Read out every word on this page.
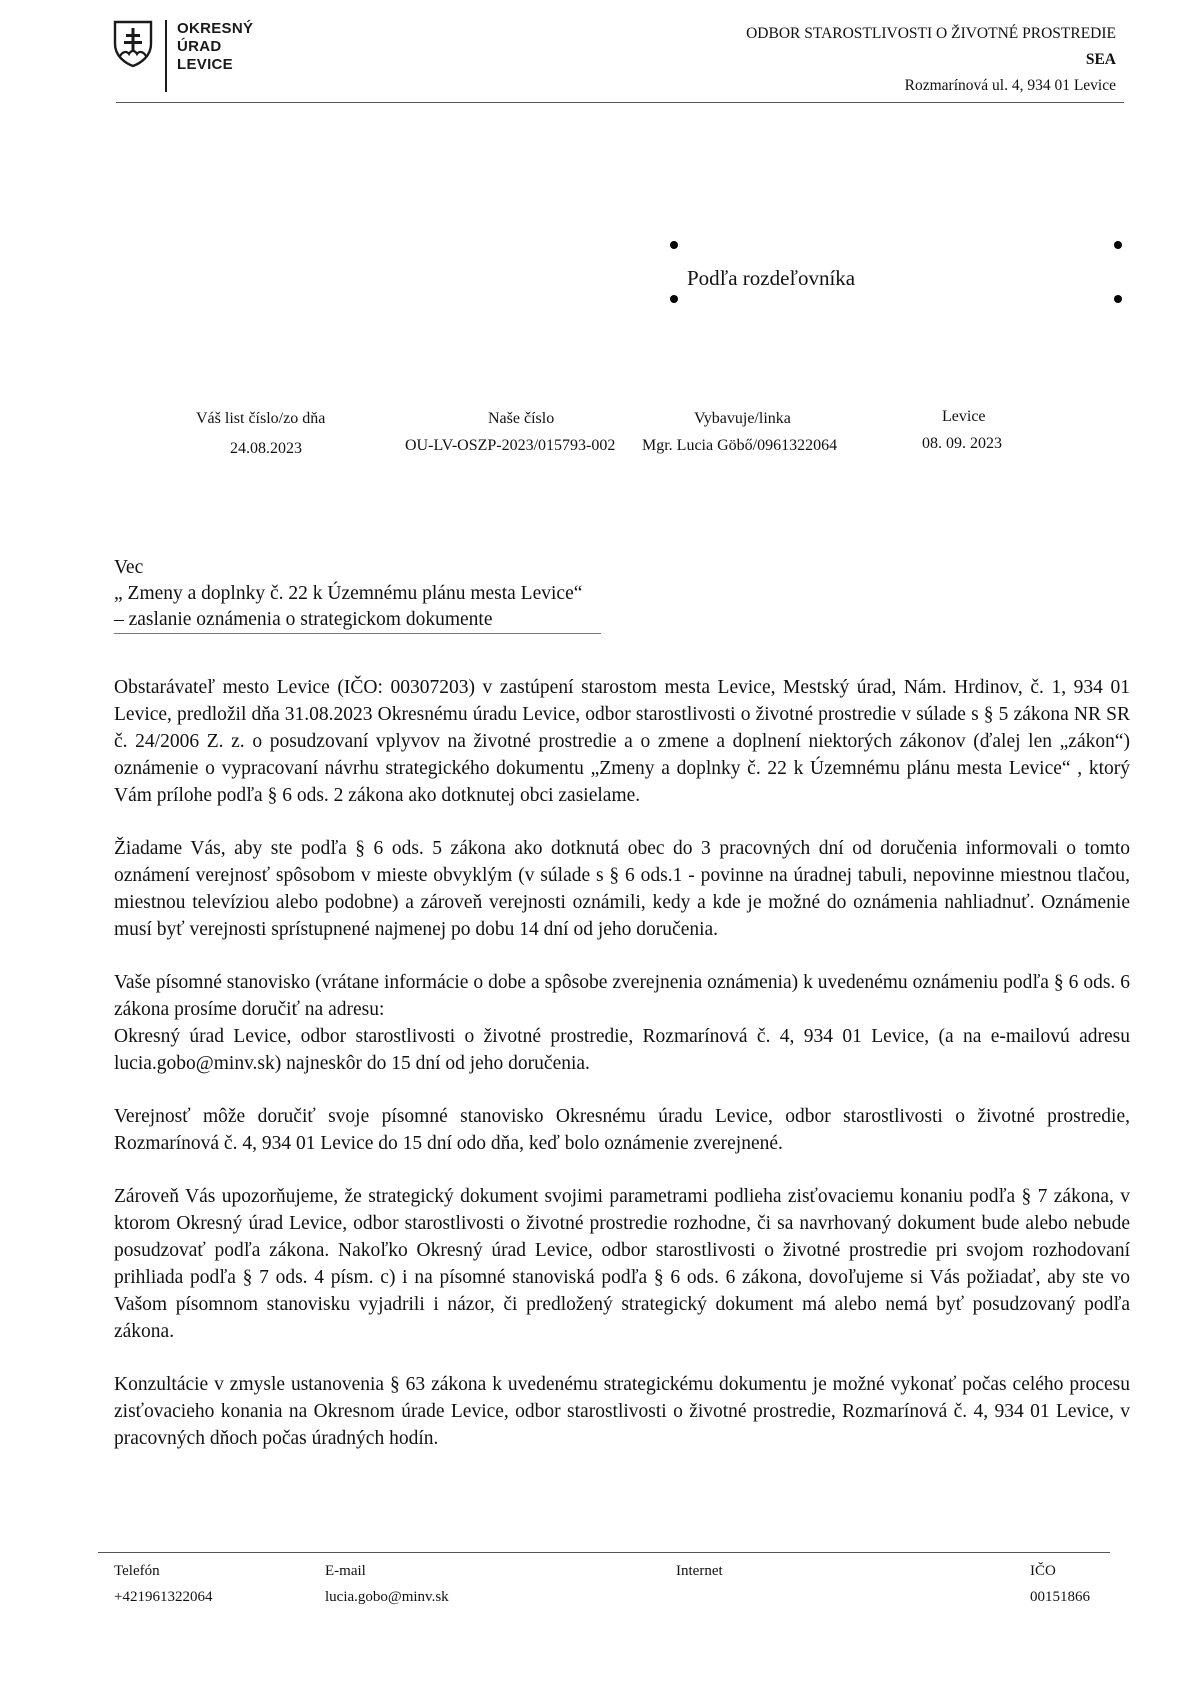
OKRESNÝ
ÚRAD
LEVICE
ODBOR STAROSTLIVOSTI O ŽIVOTNÉ PROSTREDIE
SEA
Rozmarínová ul. 4, 934 01 Levice
Podľa rozdeľovníka
Váš list číslo/zo dňa
24.08.2023
Naše číslo
OU-LV-OSZP-2023/015793-002
Vybavuje/linka
Mgr. Lucia Göbő/0961322064
Levice
08. 09. 2023
Vec
„ Zmeny a doplnky č. 22 k Územnému plánu mesta Levice“
– zaslanie oznámenia o strategickom dokumente

Obstarávateľ mesto Levice (IČO: 00307203) v zastúpení starostom mesta Levice, Mestský úrad, Nám. Hrdinov, č. 1, 934 01 Levice, predložil dňa 31.08.2023 Okresnému úradu Levice, odbor starostlivosti o životné prostredie v súlade s § 5 zákona NR SR č. 24/2006 Z. z. o posudzovaní vplyvov na životné prostredie a o zmene a doplnení niektorých zákonov (ďalej len „zákon“) oznámenie o vypracovaní návrhu strategického dokumentu „Zmeny a doplnky č. 22 k Územnému plánu mesta Levice“ , ktorý Vám prílohe podľa § 6 ods. 2 zákona ako dotknutej obci zasielame.

Žiadame Vás, aby ste podľa § 6 ods. 5 zákona ako dotknutá obec do 3 pracovných dní od doručenia informovali o tomto oznámení verejnosť spôsobom v mieste obvyklým (v súlade s § 6 ods.1 - povinne na úradnej tabuli, nepovinne miestnou tlačou, miestnou televíziou alebo podobne) a zároveň verejnosti oznámili, kedy a kde je možné do oznámenia nahliadnuť. Oznámenie musí byť verejnosti sprístupnené najmenej po dobu 14 dní od jeho doručenia.

Vaše písomné stanovisko (vrátane informácie o dobe a spôsobe zverejnenia oznámenia) k uvedenému oznámeniu podľa § 6 ods. 6 zákona prosíme doručiť na adresu:

Okresný úrad Levice, odbor starostlivosti o životné prostredie, Rozmarínová č. 4, 934 01 Levice, (a na e-mailovú adresu lucia.gobo@minv.sk) najneskôr do 15 dní od jeho doručenia.

Verejnosť môže doručiť svoje písomné stanovisko Okresnému úradu Levice, odbor starostlivosti o životné prostredie, Rozmarínová č. 4, 934 01 Levice do 15 dní odo dňa, keď bolo oznámenie zverejnené.

Zároveň Vás upozorňujeme, že strategický dokument svojimi parametrami podlieha zisťovaciemu konaniu podľa § 7 zákona, v ktorom Okresný úrad Levice, odbor starostlivosti o životné prostredie rozhodne, či sa navrhovaný dokument bude alebo nebude posudzovať podľa zákona. Nakoľko Okresný úrad Levice, odbor starostlivosti o životné prostredie pri svojom rozhodovaní prihliada podľa § 7 ods. 4 písm. c) i na písomné stanoviská podľa § 6 ods. 6 zákona, dovoľujeme si Vás požiadať, aby ste vo Vašom písomnom stanovisku vyjadrili i názor, či predložený strategický dokument má alebo nemá byť posudzovaný podľa zákona.

Konzultácie v zmysle ustanovenia § 63 zákona k uvedenému strategickému dokumentu je možné vykonať počas celého procesu zisťovacieho konania na Okresnom úrade Levice, odbor starostlivosti o životné prostredie, Rozmarínová č. 4, 934 01 Levice, v pracovných dňoch počas úradných hodín.

Telefón
+421961322064
E-mail
lucia.gobo@minv.sk
Internet	IČO
00151866
